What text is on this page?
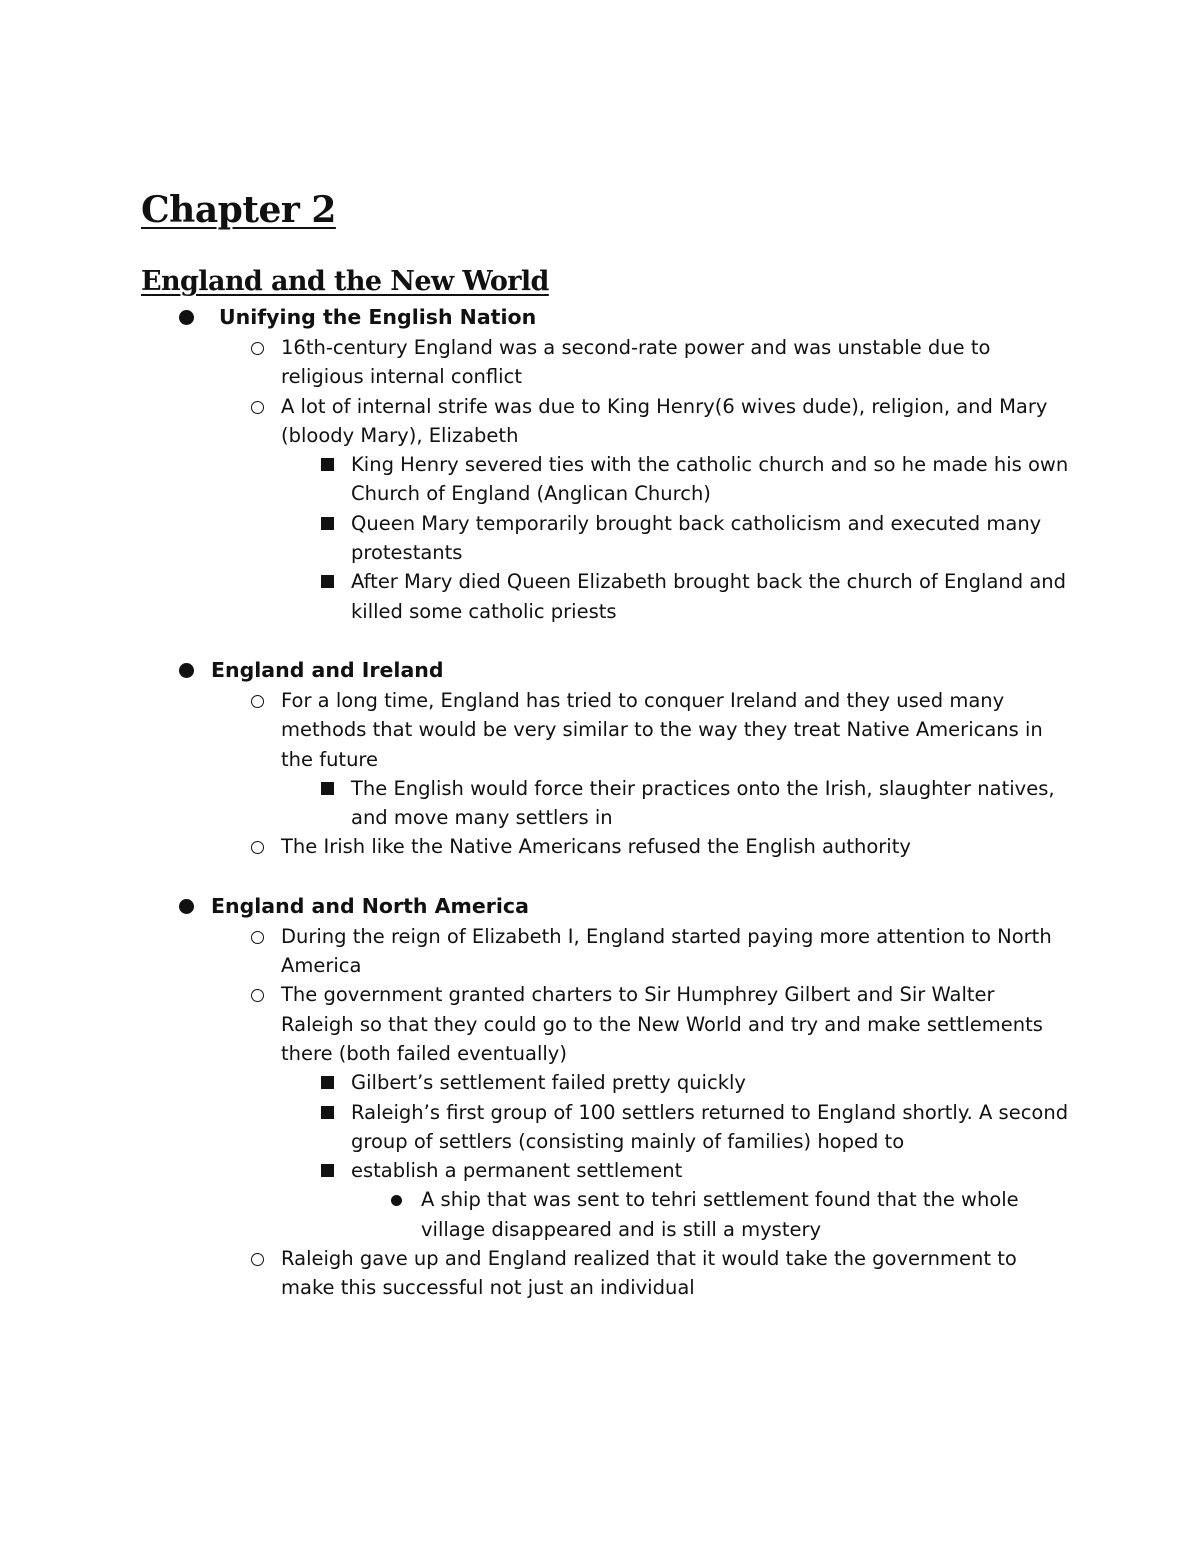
Chapter 2
England and the New World
Unifying the English Nation
16th-century England was a second-rate power and was unstable due to religious internal conflict
A lot of internal strife was due to King Henry(6 wives dude), religion, and Mary (bloody Mary), Elizabeth
King Henry severed ties with the catholic church and so he made his own Church of England (Anglican Church)
Queen Mary temporarily brought back catholicism and executed many protestants
After Mary died Queen Elizabeth brought back the church of England and killed some catholic priests
England and Ireland
For a long time, England has tried to conquer Ireland and they used many methods that would be very similar to the way they treat Native Americans in the future
The English would force their practices onto the Irish, slaughter natives, and move many settlers in
The Irish like the Native Americans refused the English authority
England and North America
During the reign of Elizabeth I, England started paying more attention to North America
The government granted charters to Sir Humphrey Gilbert and Sir Walter Raleigh so that they could go to the New World and try and make settlements there (both failed eventually)
Gilbert’s settlement failed pretty quickly
Raleigh’s first group of 100 settlers returned to England shortly. A second group of settlers (consisting mainly of families) hoped to
establish a permanent settlement
A ship that was sent to tehri settlement found that the whole village disappeared and is still a mystery
Raleigh gave up and England realized that it would take the government to make this successful not just an individual
